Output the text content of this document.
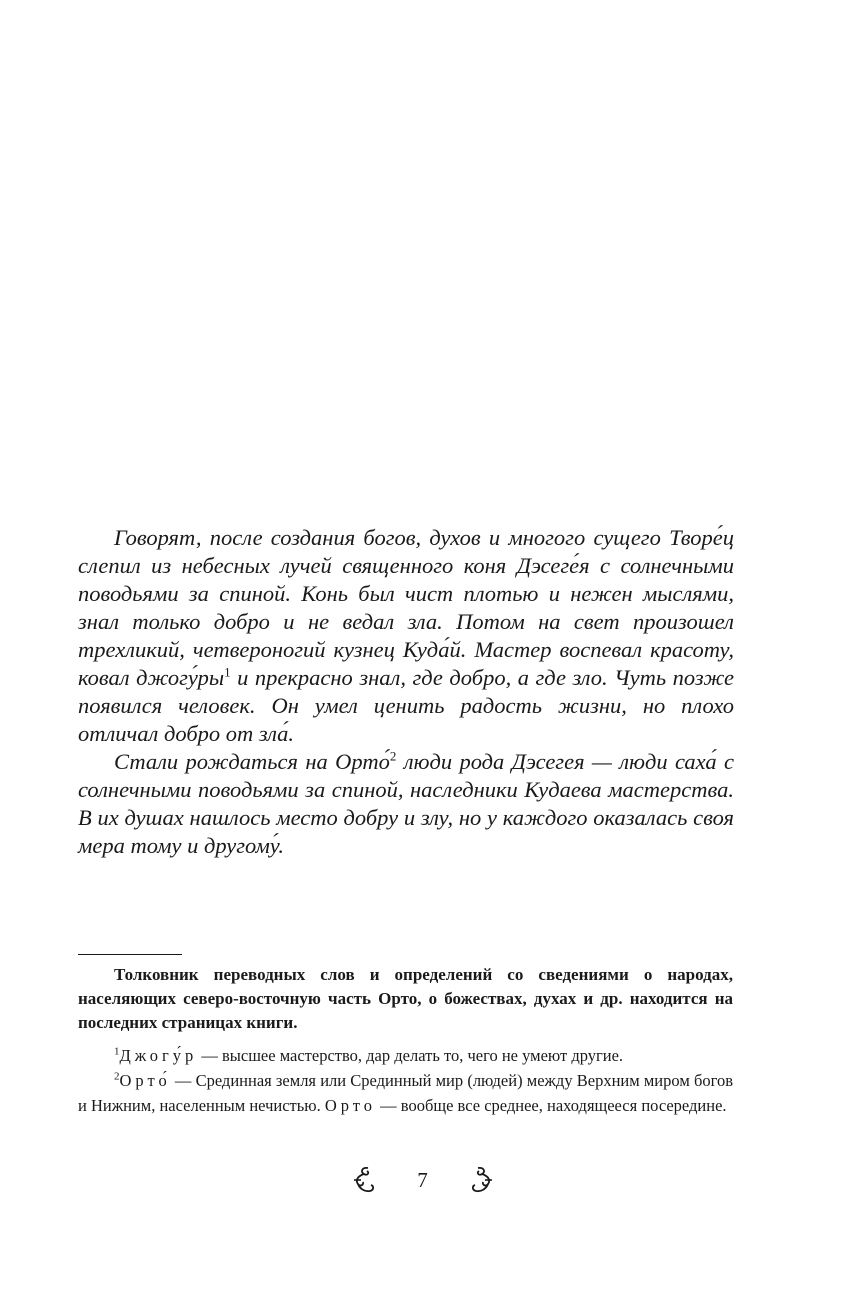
Говорят, после создания богов, духов и многого сущего Творе́ц слепил из небесных лучей священного коня Дэсеге́я с солнечными поводьями за спиной. Конь был чист плотью и нежен мыслями, знал только добро и не ведал зла. Потом на свет произошел трехликий, четвероногий кузнец Куда́й. Мастер воспевал красоту, ковал $джогу́ры^1$ и прекрасно знал, где добро, а где зло. Чуть позже появился человек. Он умел ценить радость жизни, но плохо отличал добро от зла́.

Стали рождаться на Орто́$^2$ люди рода Дэсегея — люди саха́ с солнечными поводьями за спиной, наследники Кудаева мастерства. В их душах нашлось место добру и злу, но у каждого оказалась своя мера тому и другому́.

Толковник переводных слов и определений со сведениями о народах, населяющих северо-восточную часть Орто, о божествах, духах и др. находится на последних страницах книги.

$^1$Джогу́р — высшее мастерство, дар делать то, чего не умеют другие.

$^2$Орто́ — Срединная земля или Срединный мир (людей) между Верхним миром богов и Нижним, населенным нечистью. Орто — вообще все среднее, находящееся посередине.

7
